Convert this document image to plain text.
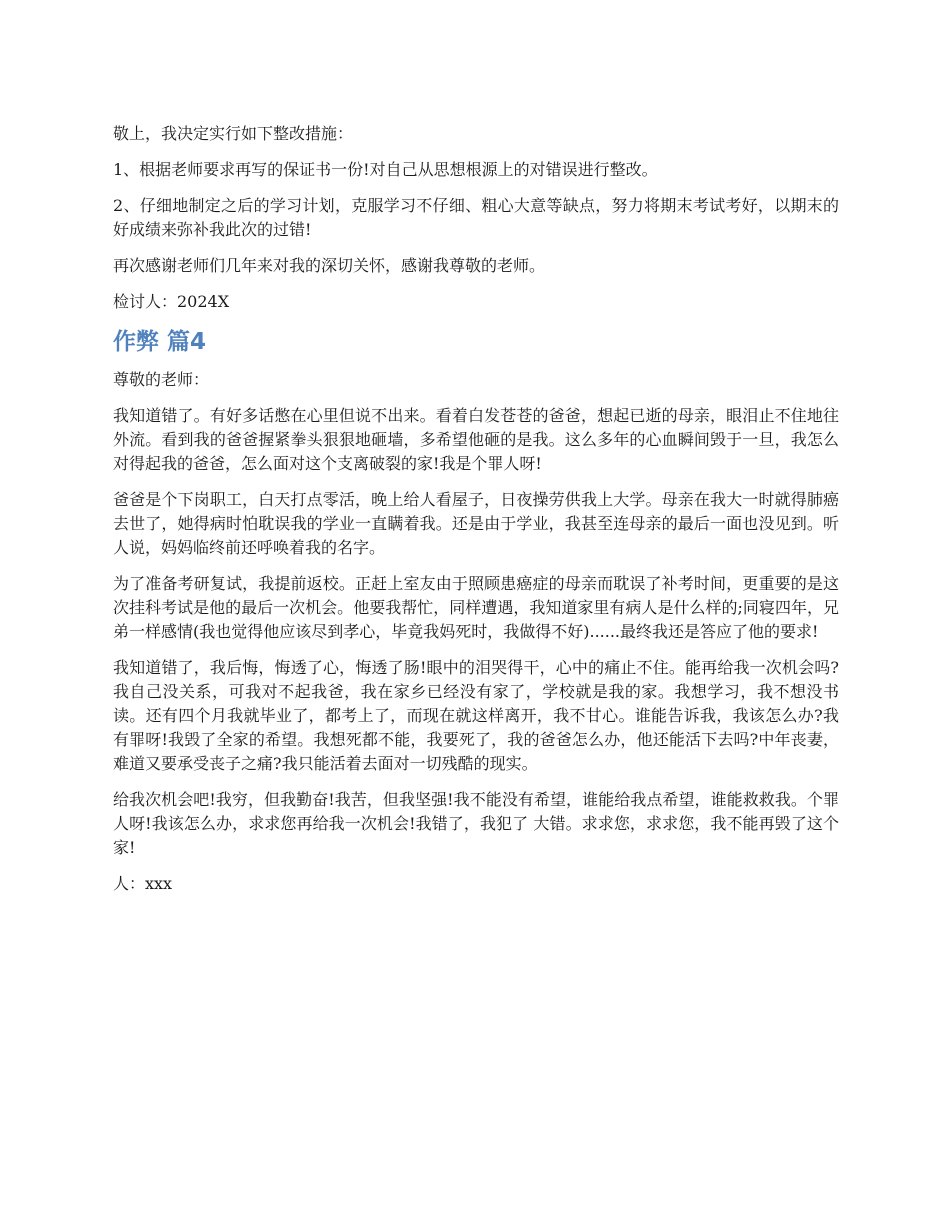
敬上，我决定实行如下整改措施：

1、根据老师要求再写的保证书一份!对自己从思想根源上的对错误进行整改。

2、仔细地制定之后的学习计划，克服学习不仔细、粗心大意等缺点，努力将期末考试考好，以期末的好成绩来弥补我此次的过错!

再次感谢老师们几年来对我的深切关怀，感谢我尊敬的老师。

检讨人：2024X

作弊 篇4

尊敬的老师：

我知道错了。有好多话憋在心里但说不出来。看着白发苍苍的爸爸，想起已逝的母亲，眼泪止不住地往外流。看到我的爸爸握紧拳头狠狠地砸墙，多希望他砸的是我。这么多年的心血瞬间毁于一旦，我怎么对得起我的爸爸，怎么面对这个支离破裂的家!我是个罪人呀!

爸爸是个下岗职工，白天打点零活，晚上给人看屋子，日夜操劳供我上大学。母亲在我大一时就得肺癌去世了，她得病时怕耽误我的学业一直瞒着我。还是由于学业，我甚至连母亲的最后一面也没见到。听人说，妈妈临终前还呼唤着我的名字。

为了准备考研复试，我提前返校。正赶上室友由于照顾患癌症的母亲而耽误了补考时间，更重要的是这次挂科考试是他的最后一次机会。他要我帮忙，同样遭遇，我知道家里有病人是什么样的;同寝四年，兄弟一样感情(我也觉得他应该尽到孝心，毕竟我妈死时，我做得不好)......最终我还是答应了他的要求!

我知道错了，我后悔，悔透了心，悔透了肠!眼中的泪哭得干，心中的痛止不住。能再给我一次机会吗?我自己没关系，可我对不起我爸，我在家乡已经没有家了，学校就是我的家。我想学习，我不想没书读。还有四个月我就毕业了，都考上了，而现在就这样离开，我不甘心。谁能告诉我，我该怎么办?我有罪呀!我毁了全家的希望。我想死都不能，我要死了，我的爸爸怎么办，他还能活下去吗?中年丧妻，难道又要承受丧子之痛?我只能活着去面对一切残酷的现实。

给我次机会吧!我穷，但我勤奋!我苦，但我坚强!我不能没有希望，谁能给我点希望，谁能救救我。个罪人呀!我该怎么办，求求您再给我一次机会!我错了，我犯了 大错。求求您，求求您，我不能再毁了这个家!

人：xxx
